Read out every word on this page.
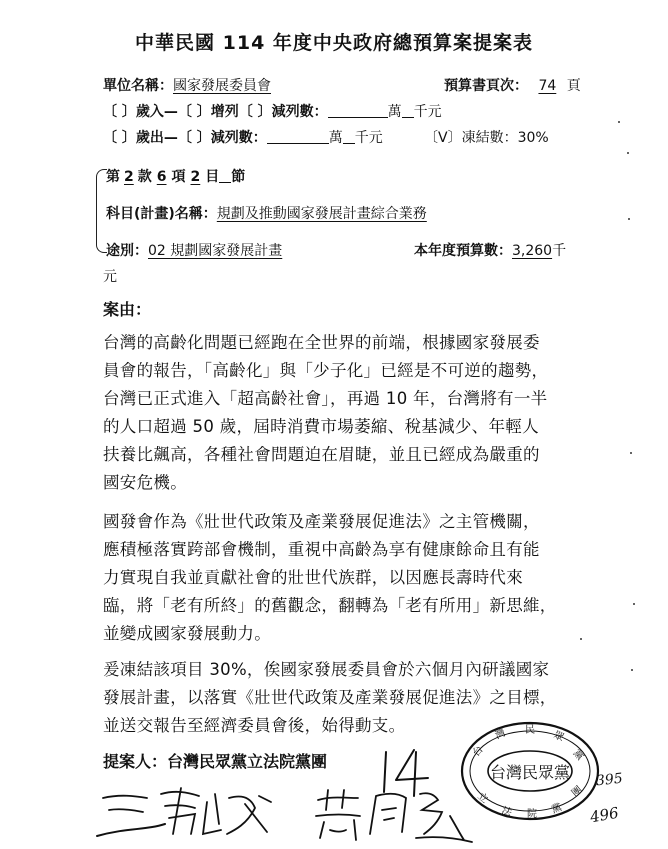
中華民國 114 年度中央政府總預算案提案表
單位名稱：國家發展委員會	預算書頁次： 74 頁
〔 〕歲入—〔 〕增列〔 〕減列數：	萬 千元
〔 〕歲出—〔 〕減列數：	萬 千元	〔V〕凍結數：30%
第 2 款 6 項 2 目 節
科目(計畫)名稱：規劃及推動國家發展計畫綜合業務
途別：02 規劃國家發展計畫	本年度預算數：3,260千
元
案由：
台灣的高齡化問題已經跑在全世界的前端，根據國家發展委
員會的報告，「高齡化」與「少子化」已經是不可逆的趨勢，
台灣已正式進入「超高齡社會」，再過 10 年，台灣將有一半
的人口超過 50 歲，屆時消費市場萎縮、稅基減少、年輕人
扶養比飆高，各種社會問題迫在眉睫，並且已經成為嚴重的
國安危機。
國發會作為《壯世代政策及產業發展促進法》之主管機關，
應積極落實跨部會機制，重視中高齡為享有健康餘命且有能
力實現自我並貢獻社會的壯世代族群，以因應長壽時代來
臨，將「老有所終」的舊觀念，翻轉為「老有所用」新思維，
並變成國家發展動力。
爰凍結該項目 30%，俟國家發展委員會於六個月內研議國家
發展計畫，以落實《壯世代政策及產業發展促進法》之目標，
並送交報告至經濟委員會後，始得動支。
提案人：台灣民眾黨立法院黨團
台灣民眾黨
台
灣 民 眾
黨
立
法 院 黨
團
395
496
